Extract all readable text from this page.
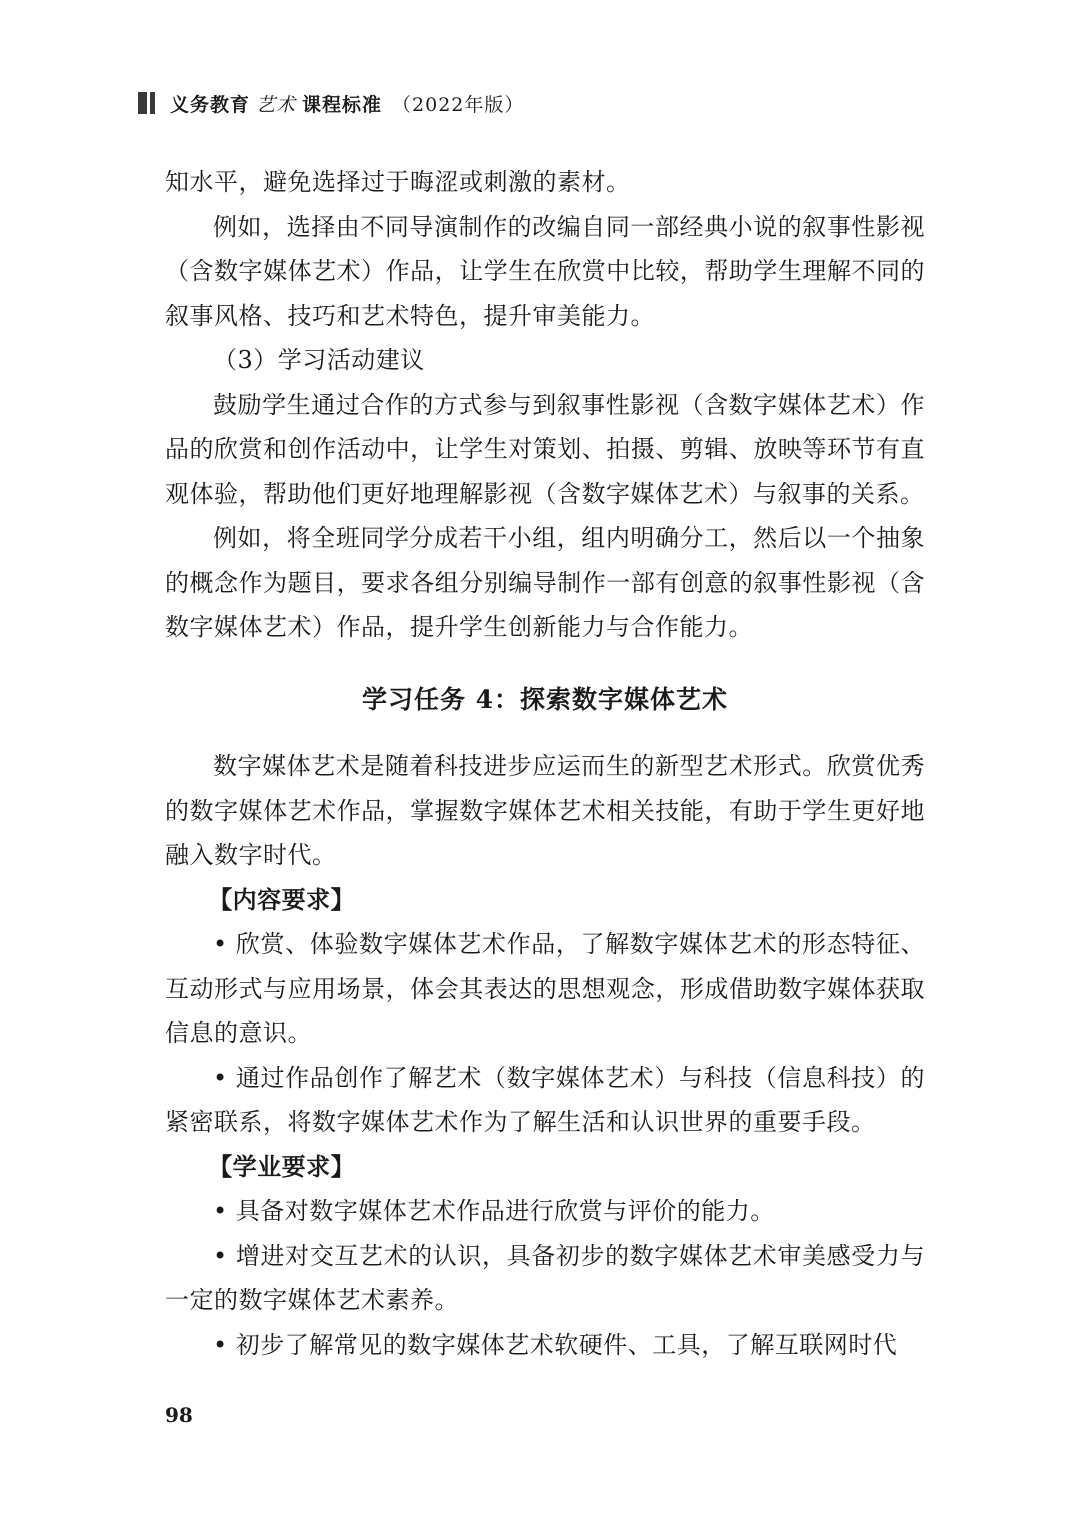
义务教育 艺术 课程标准 （2022年版）

知水平，避免选择过于晦涩或刺激的素材。

例如，选择由不同导演制作的改编自同一部经典小说的叙事性影视（含数字媒体艺术）作品，让学生在欣赏中比较，帮助学生理解不同的叙事风格、技巧和艺术特色，提升审美能力。

（3）学习活动建议

鼓励学生通过合作的方式参与到叙事性影视（含数字媒体艺术）作品的欣赏和创作活动中，让学生对策划、拍摄、剪辑、放映等环节有直观体验，帮助他们更好地理解影视（含数字媒体艺术）与叙事的关系。

例如，将全班同学分成若干小组，组内明确分工，然后以一个抽象的概念作为题目，要求各组分别编导制作一部有创意的叙事性影视（含数字媒体艺术）作品，提升学生创新能力与合作能力。

学习任务 4：探索数字媒体艺术

数字媒体艺术是随着科技进步应运而生的新型艺术形式。欣赏优秀的数字媒体艺术作品，掌握数字媒体艺术相关技能，有助于学生更好地融入数字时代。

【内容要求】

• 欣赏、体验数字媒体艺术作品，了解数字媒体艺术的形态特征、互动形式与应用场景，体会其表达的思想观念，形成借助数字媒体获取信息的意识。

• 通过作品创作了解艺术（数字媒体艺术）与科技（信息科技）的紧密联系，将数字媒体艺术作为了解生活和认识世界的重要手段。

【学业要求】

• 具备对数字媒体艺术作品进行欣赏与评价的能力。

• 增进对交互艺术的认识，具备初步的数字媒体艺术审美感受力与一定的数字媒体艺术素养。

• 初步了解常见的数字媒体艺术软硬件、工具，了解互联网时代

98
